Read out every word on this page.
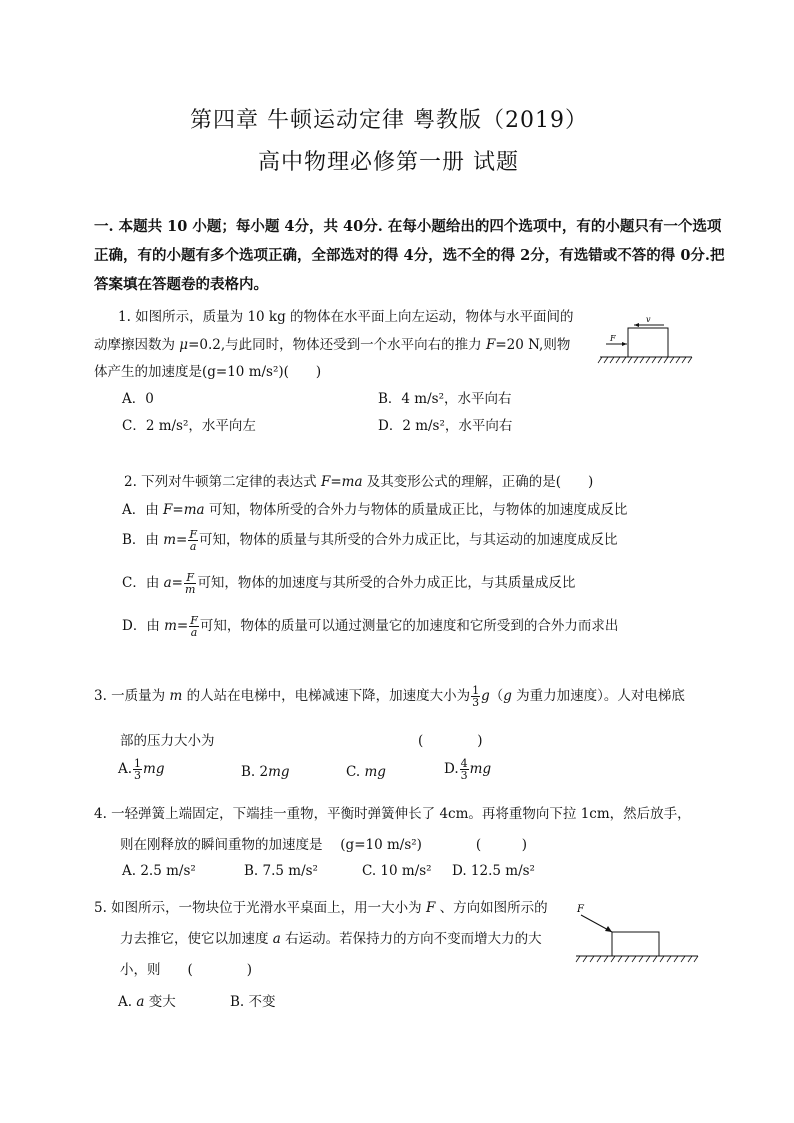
第四章 牛顿运动定律 粤教版（2019）
高中物理必修第一册 试题
一. 本题共 10 小题；每小题 4分，共 40分. 在每小题给出的四个选项中，有的小题只有一个选项
正确，有的小题有多个选项正确，全部选对的得 4分，选不全的得 2分，有选错或不答的得 0分.把
答案填在答题卷的表格内。
1. 如图所示，质量为 10 kg 的物体在水平面上向左运动，物体与水平面间的
动摩擦因数为 μ=0.2,与此同时，物体还受到一个水平向右的推力 F=20 N,则物
体产生的加速度是(g=10 m/s²)(　　)
A．0	B．4 m/s²，水平向右
C．2 m/s²，水平向左	D．2 m/s²，水平向右
F
v
2. 下列对牛顿第二定律的表达式 F=ma 及其变形公式的理解，正确的是(　　)
A．由 F=ma 可知，物体所受的合外力与物体的质量成正比，与物体的加速度成反比
B．由 $m= \frac{F}{a}$ 可知，物体的质量与其所受的合外力成正比，与其运动的加速度成反比
C．由 $a= \frac{F}{m}$ 可知，物体的加速度与其所受的合外力成正比，与其质量成反比
D．由 $m= \frac{F}{a}$ 可知，物体的质量可以通过测量它的加速度和它所受到的合外力而求出
3. 一质量为 m 的人站在电梯中，电梯减速下降，加速度大小为 $\frac{1}{3} g(g$ 为重力加速度）。人对电梯底
部的压力大小为	(　　　　)
A. $\frac{1}{3}$ mg	B. 2mg	C. mg	D. $\frac{4}{3}$ mg
4. 一轻弹簧上端固定，下端挂一重物，平衡时弹簧伸长了 4cm。再将重物向下拉 1cm，然后放手，
则在刚释放的瞬间重物的加速度是　 (g=10 m/s²)　　　　(　　　)
A. 2.5 m/s²	B. 7.5 m/s²	C. 10 m/s² D. 12.5 m/s²
5. 如图所示，一物块位于光滑水平桌面上，用一大小为 F 、方向如图所示的
力去推它，使它以加速度 a 右运动。若保持力的方向不变而增大力的大
小，则　　(　　　　)
A. a 变大	B. 不变
F
